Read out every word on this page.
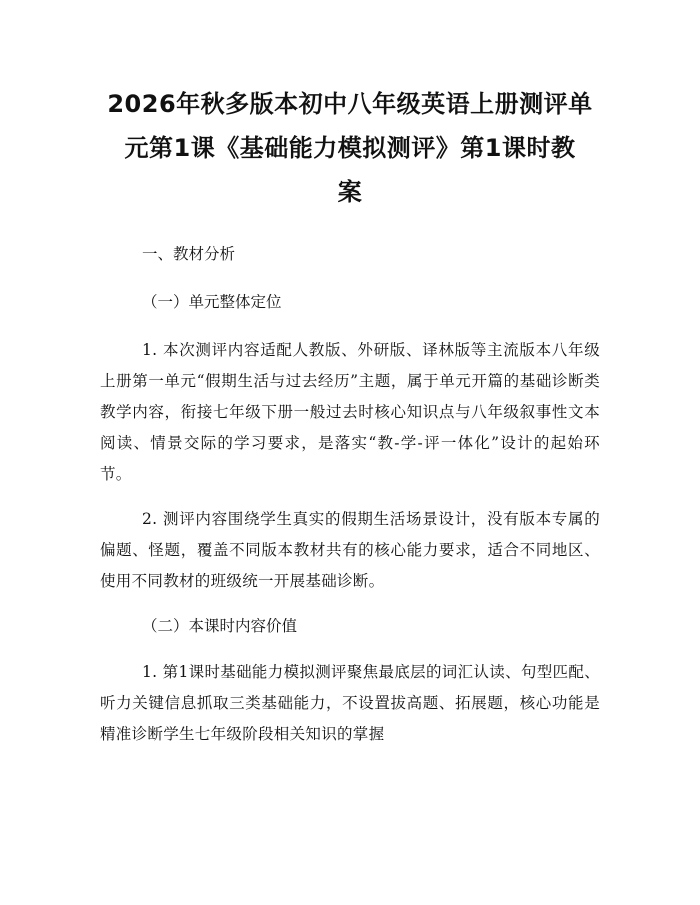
2026年秋多版本初中八年级英语上册测评单
元第1课《基础能力模拟测评》第1课时教
案

一、教材分析

（一）单元整体定位

1. 本次测评内容适配人教版、外研版、译林版等主流版本八年级上册第一单元“假期生活与过去经历”主题，属于单元开篇的基础诊断类教学内容，衔接七年级下册一般过去时核心知识点与八年级叙事性文本阅读、情景交际的学习要求，是落实“教-学-评一体化”设计的起始环节。

2. 测评内容围绕学生真实的假期生活场景设计，没有版本专属的偏题、怪题，覆盖不同版本教材共有的核心能力要求，适合不同地区、使用不同教材的班级统一开展基础诊断。

（二）本课时内容价值

1. 第1课时基础能力模拟测评聚焦最底层的词汇认读、句型匹配、听力关键信息抓取三类基础能力，不设置拔高题、拓展题，核心功能是精准诊断学生七年级阶段相关知识的掌握
